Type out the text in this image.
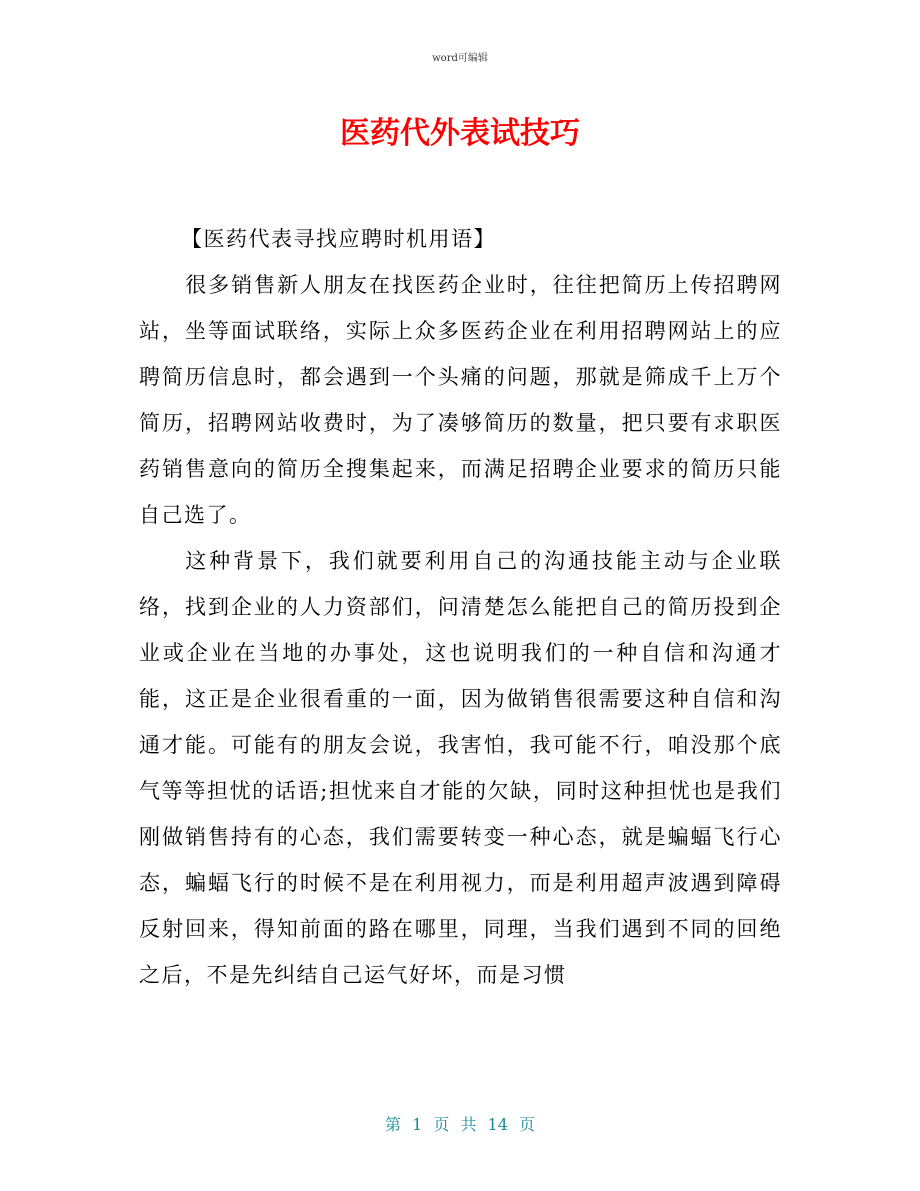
word可编辑
医药代外表试技巧

【医药代表寻找应聘时机用语】

很多销售新人朋友在找医药企业时，往往把简历上传招聘网站，坐等面试联络，实际上众多医药企业在利用招聘网站上的应聘简历信息时，都会遇到一个头痛的问题，那就是筛成千上万个简历，招聘网站收费时，为了凑够简历的数量，把只要有求职医药销售意向的简历全搜集起来，而满足招聘企业要求的简历只能自己选了。

这种背景下，我们就要利用自己的沟通技能主动与企业联络，找到企业的人力资部们，问清楚怎么能把自己的简历投到企业或企业在当地的办事处，这也说明我们的一种自信和沟通才能，这正是企业很看重的一面，因为做销售很需要这种自信和沟通才能。可能有的朋友会说，我害怕，我可能不行，咱没那个底气等等担忧的话语;担忧来自才能的欠缺，同时这种担忧也是我们刚做销售持有的心态，我们需要转变一种心态，就是蝙蝠飞行心态，蝙蝠飞行的时候不是在利用视力，而是利用超声波遇到障碍反射回来，得知前面的路在哪里，同理，当我们遇到不同的回绝之后，不是先纠结自己运气好坏，而是习惯

第 1 页 共 14 页
